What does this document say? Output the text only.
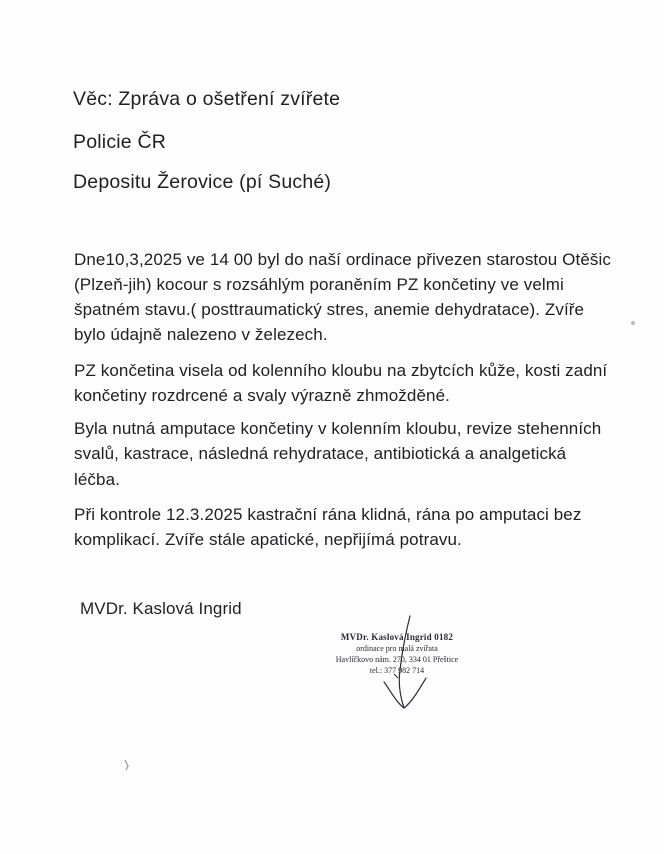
Věc: Zpráva o ošetření zvířete
Policie ČR
Depositu Žerovice (pí Suché)
Dne10,3,2025 ve 14 00 byl do naší ordinace přivezen starostou Otěšic
(Plzeň-jih) kocour s rozsáhlým poraněním PZ končetiny ve velmi
špatném stavu.( posttraumatický stres, anemie dehydratace). Zvíře
bylo údajně nalezeno v železech.
PZ končetina visela od kolenního kloubu na zbytcích kůže, kosti zadní
končetiny rozdrcené a svaly výrazně zhmožděné.
Byla nutná amputace končetiny v kolenním kloubu, revize stehenních
svalů, kastrace, následná rehydratace, antibiotická a analgetická
léčba.
Při kontrole 12.3.2025 kastrační rána klidná, rána po amputaci bez
komplikací. Zvíře stále apatické, nepřijímá potravu.
MVDr. Kaslová Ingrid
MVDr. Kaslová Ingrid 0182
ordinace pro malá zvířata
Havlíčkovo nám. 270, 334 01 Přeštice
tel.: 377 982 714
